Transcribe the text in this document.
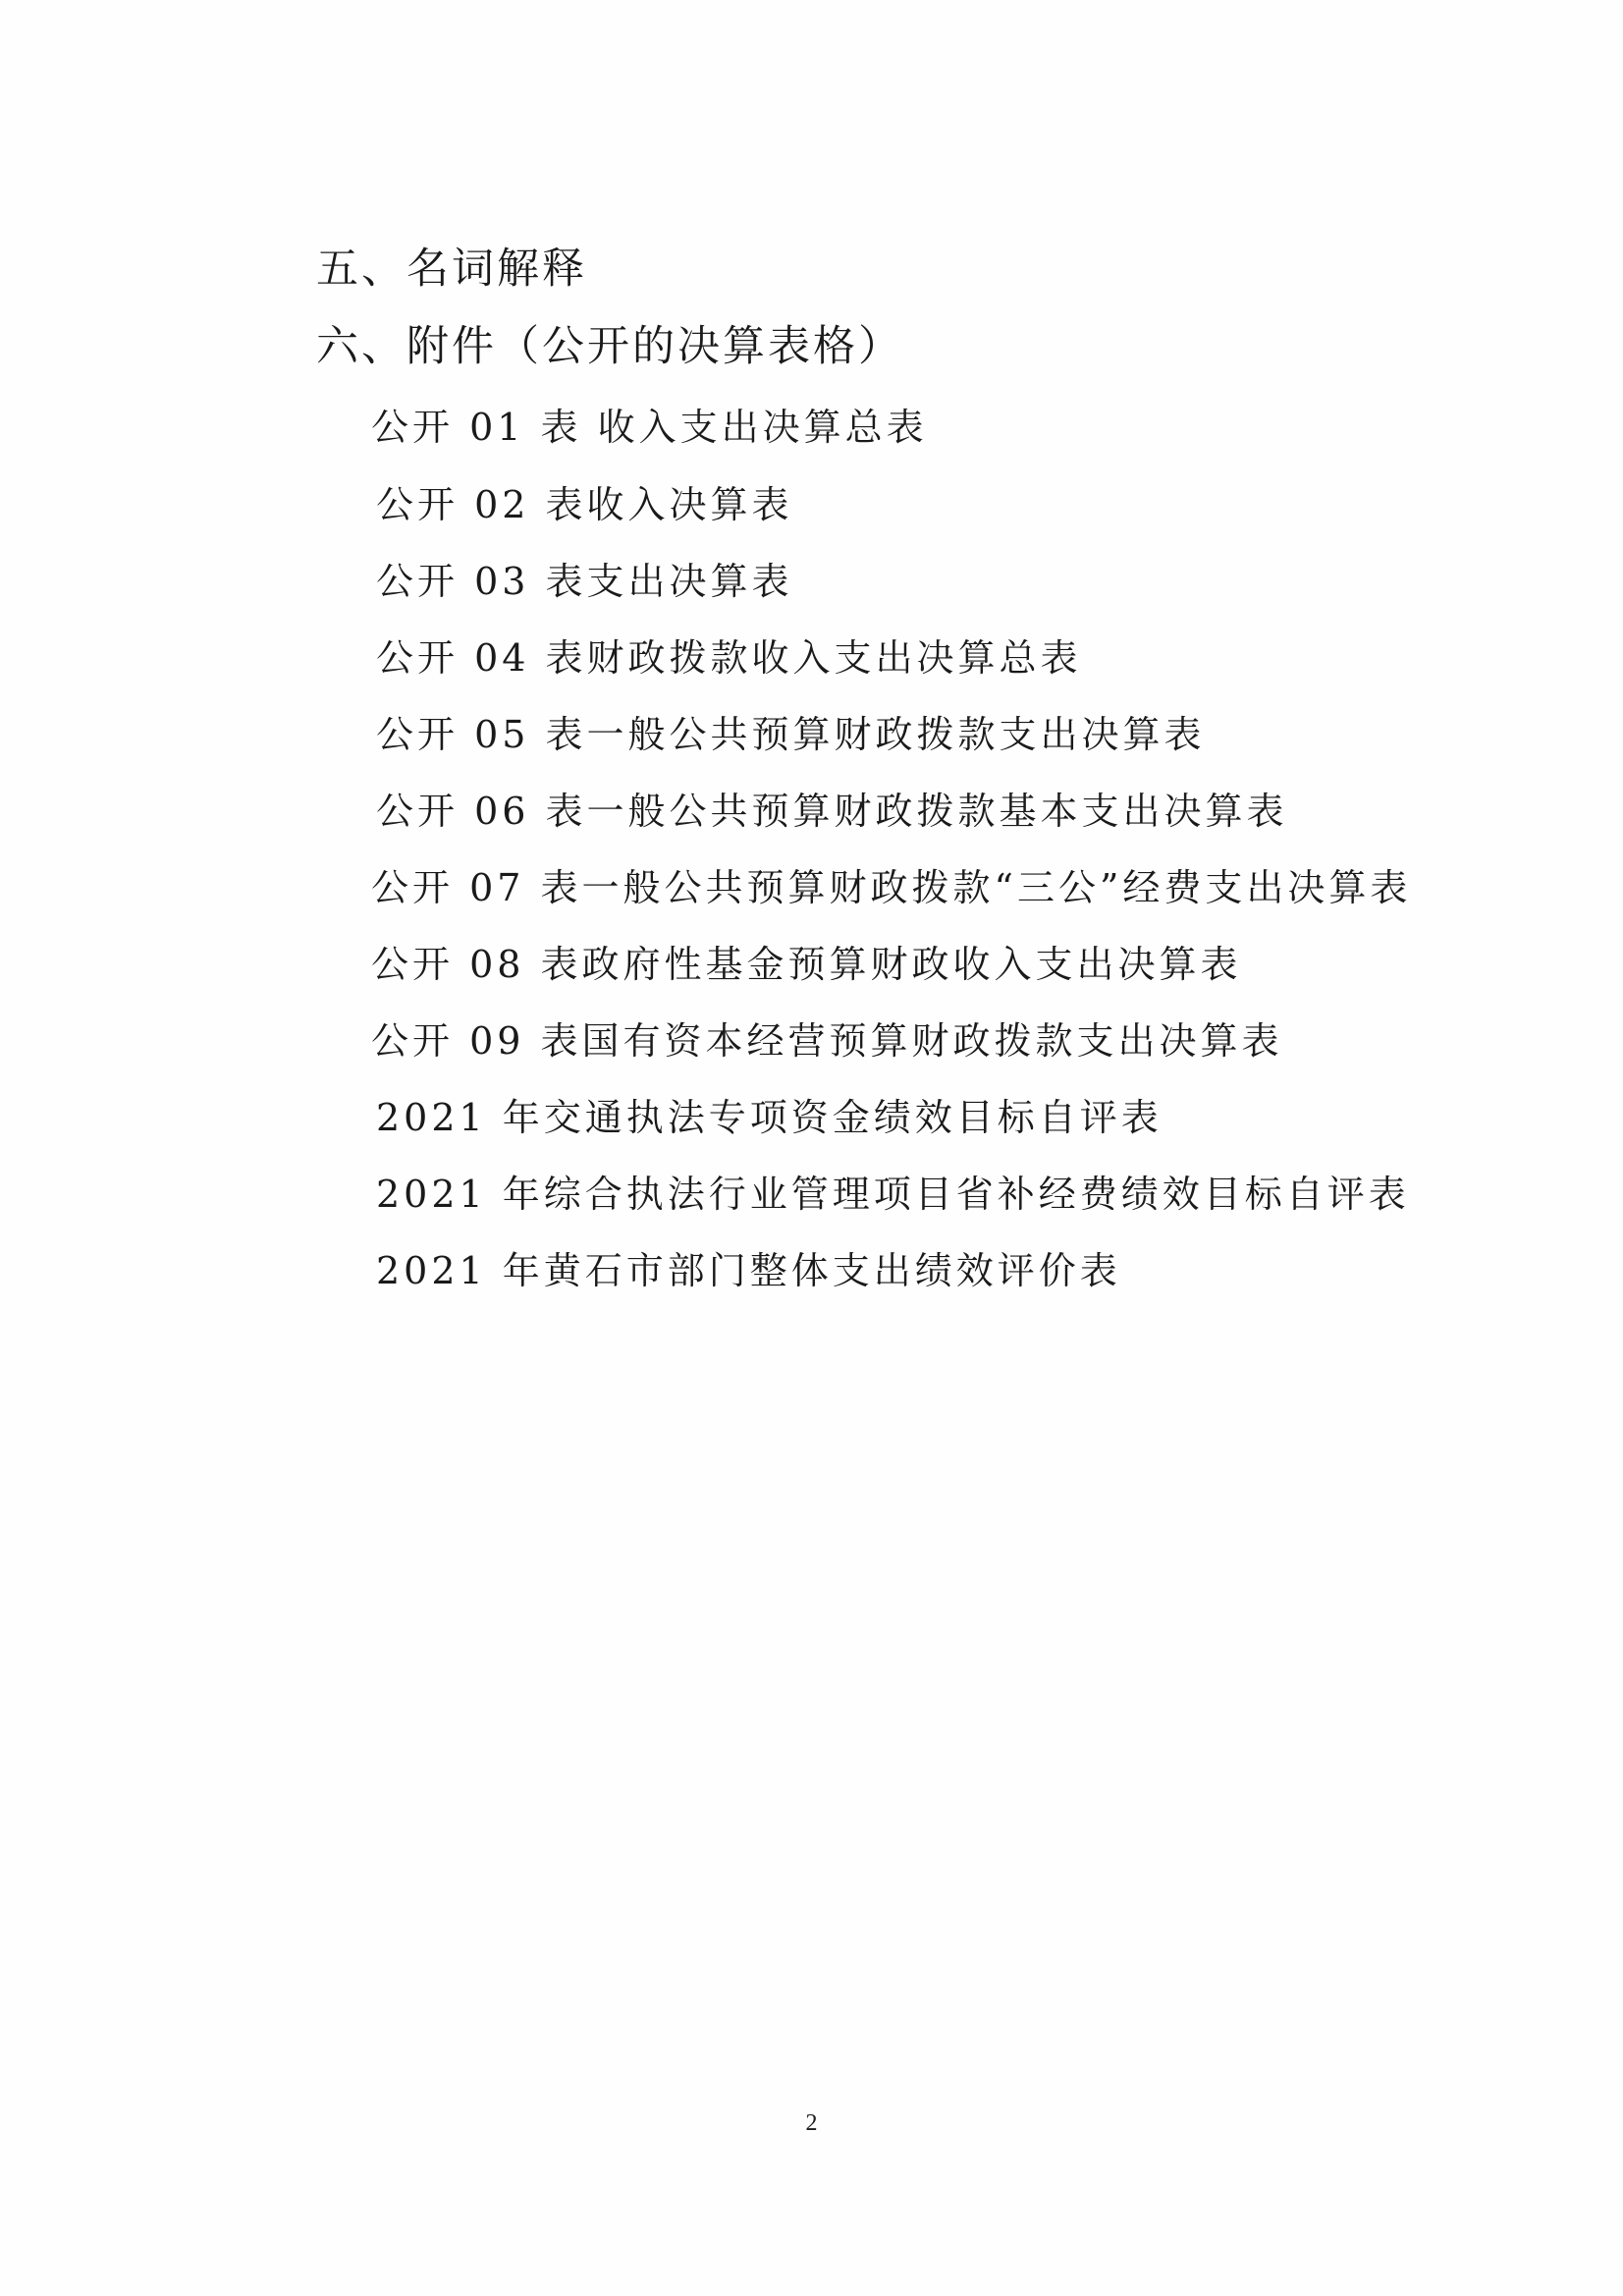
五、名词解释
六、附件（公开的决算表格）
公开 01 表 收入支出决算总表
公开 02 表收入决算表
公开 03 表支出决算表
公开 04 表财政拨款收入支出决算总表
公开 05 表一般公共预算财政拨款支出决算表
公开 06 表一般公共预算财政拨款基本支出决算表
公开 07 表一般公共预算财政拨款“三公”经费支出决算表
公开 08 表政府性基金预算财政收入支出决算表
公开 09 表国有资本经营预算财政拨款支出决算表
2021 年交通执法专项资金绩效目标自评表
2021 年综合执法行业管理项目省补经费绩效目标自评表
2021 年黄石市部门整体支出绩效评价表
2
